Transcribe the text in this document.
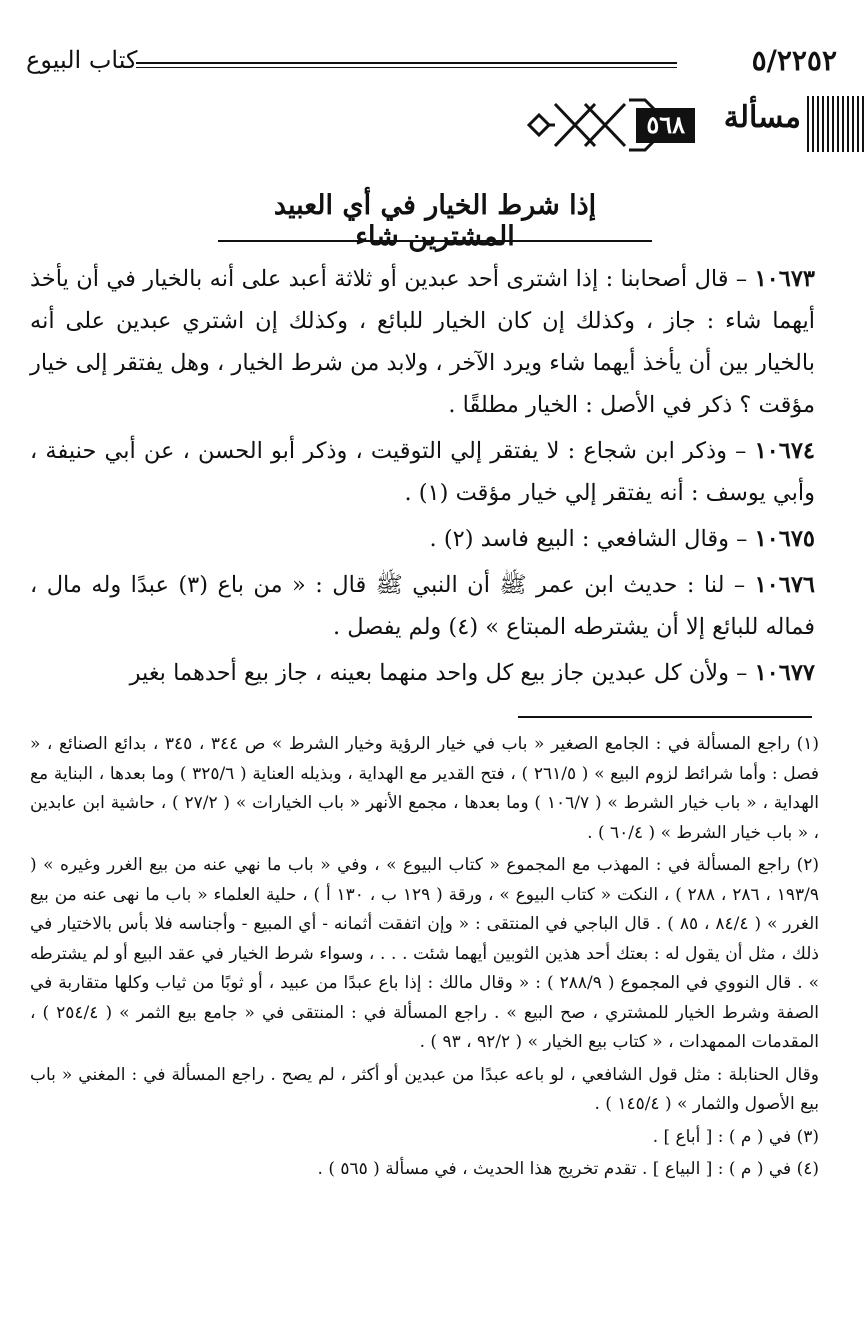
٥/٢٢٥٢
كتاب البيوع
مسألة
٥٦٨
إذا شرط الخيار في أي العبيد المشترين شاء

١٠٦٧٣ – قال أصحابنا : إذا اشترى أحد عبدين أو ثلاثة أعبد على أنه بالخيار في أن يأخذ أيهما شاء : جاز ، وكذلك إن كان الخيار للبائع ، وكذلك إن اشتري عبدين على أنه بالخيار بين أن يأخذ أيهما شاء ويرد الآخر ، ولابد من شرط الخيار ، وهل يفتقر إلى خيار مؤقت ؟ ذكر في الأصل : الخيار مطلقًا .

١٠٦٧٤ – وذكر ابن شجاع : لا يفتقر إلي التوقيت ، وذكر أبو الحسن ، عن أبي حنيفة ، وأبي يوسف : أنه يفتقر إلي خيار مؤقت (١) .

١٠٦٧٥ – وقال الشافعي : البيع فاسد (٢) .

١٠٦٧٦ – لنا : حديث ابن عمر ﷺ أن النبي ﷺ قال : « من باع (٣) عبدًا وله مال ، فماله للبائع إلا أن يشترطه المبتاع » (٤) ولم يفصل .

١٠٦٧٧ – ولأن كل عبدين جاز بيع كل واحد منهما بعينه ، جاز بيع أحدهما بغير

(١) راجع المسألة في : الجامع الصغير « باب في خيار الرؤية وخيار الشرط » ص ٣٤٤ ، ٣٤٥ ، بدائع الصنائع ، « فصل : وأما شرائط لزوم البيع » ( ٢٦١/٥ ) ، فتح القدير مع الهداية ، وبذيله العناية ( ٣٢٥/٦ ) وما بعدها ، البناية مع الهداية ، « باب خيار الشرط » ( ١٠٦/٧ ) وما بعدها ، مجمع الأنهر « باب الخيارات » ( ٢٧/٢ ) ، حاشية ابن عابدين ، « باب خيار الشرط » ( ٦٠/٤ ) .

(٢) راجع المسألة في : المهذب مع المجموع « كتاب البيوع » ، وفي « باب ما نهي عنه من بيع الغرر وغيره » ( ١٩٣/٩ ، ٢٨٦ ، ٢٨٨ ) ، النكت « كتاب البيوع » ، ورقة ( ١٢٩ ب ، ١٣٠ أ ) ، حلية العلماء « باب ما نهى عنه من بيع الغرر » ( ٨٤/٤ ، ٨٥ ) . قال الباجي في المنتقى : « وإن اتفقت أثمانه - أي المبيع - وأجناسه فلا بأس بالاختيار في ذلك ، مثل أن يقول له : بعتك أحد هذين الثوبين أيهما شئت . . . ، وسواء شرط الخيار في عقد البيع أو لم يشترطه » . قال النووي في المجموع ( ٢٨٨/٩ ) : « وقال مالك : إذا باع عبدًا من عبيد ، أو ثوبًا من ثياب وكلها متقاربة في الصفة وشرط الخيار للمشتري ، صح البيع » . راجع المسألة في : المنتقى في « جامع بيع الثمر » ( ٢٥٤/٤ ) ، المقدمات الممهدات ، « كتاب بيع الخيار » ( ٩٢/٢ ، ٩٣ ) .

وقال الحنابلة : مثل قول الشافعي ، لو باعه عبدًا من عبدين أو أكثر ، لم يصح . راجع المسألة في : المغني « باب بيع الأصول والثمار » ( ١٤٥/٤ ) .

(٣) في ( م ) : [ أباع ] .

(٤) في ( م ) : [ البياع ] . تقدم تخريج هذا الحديث ، في مسألة ( ٥٦٥ ) .
